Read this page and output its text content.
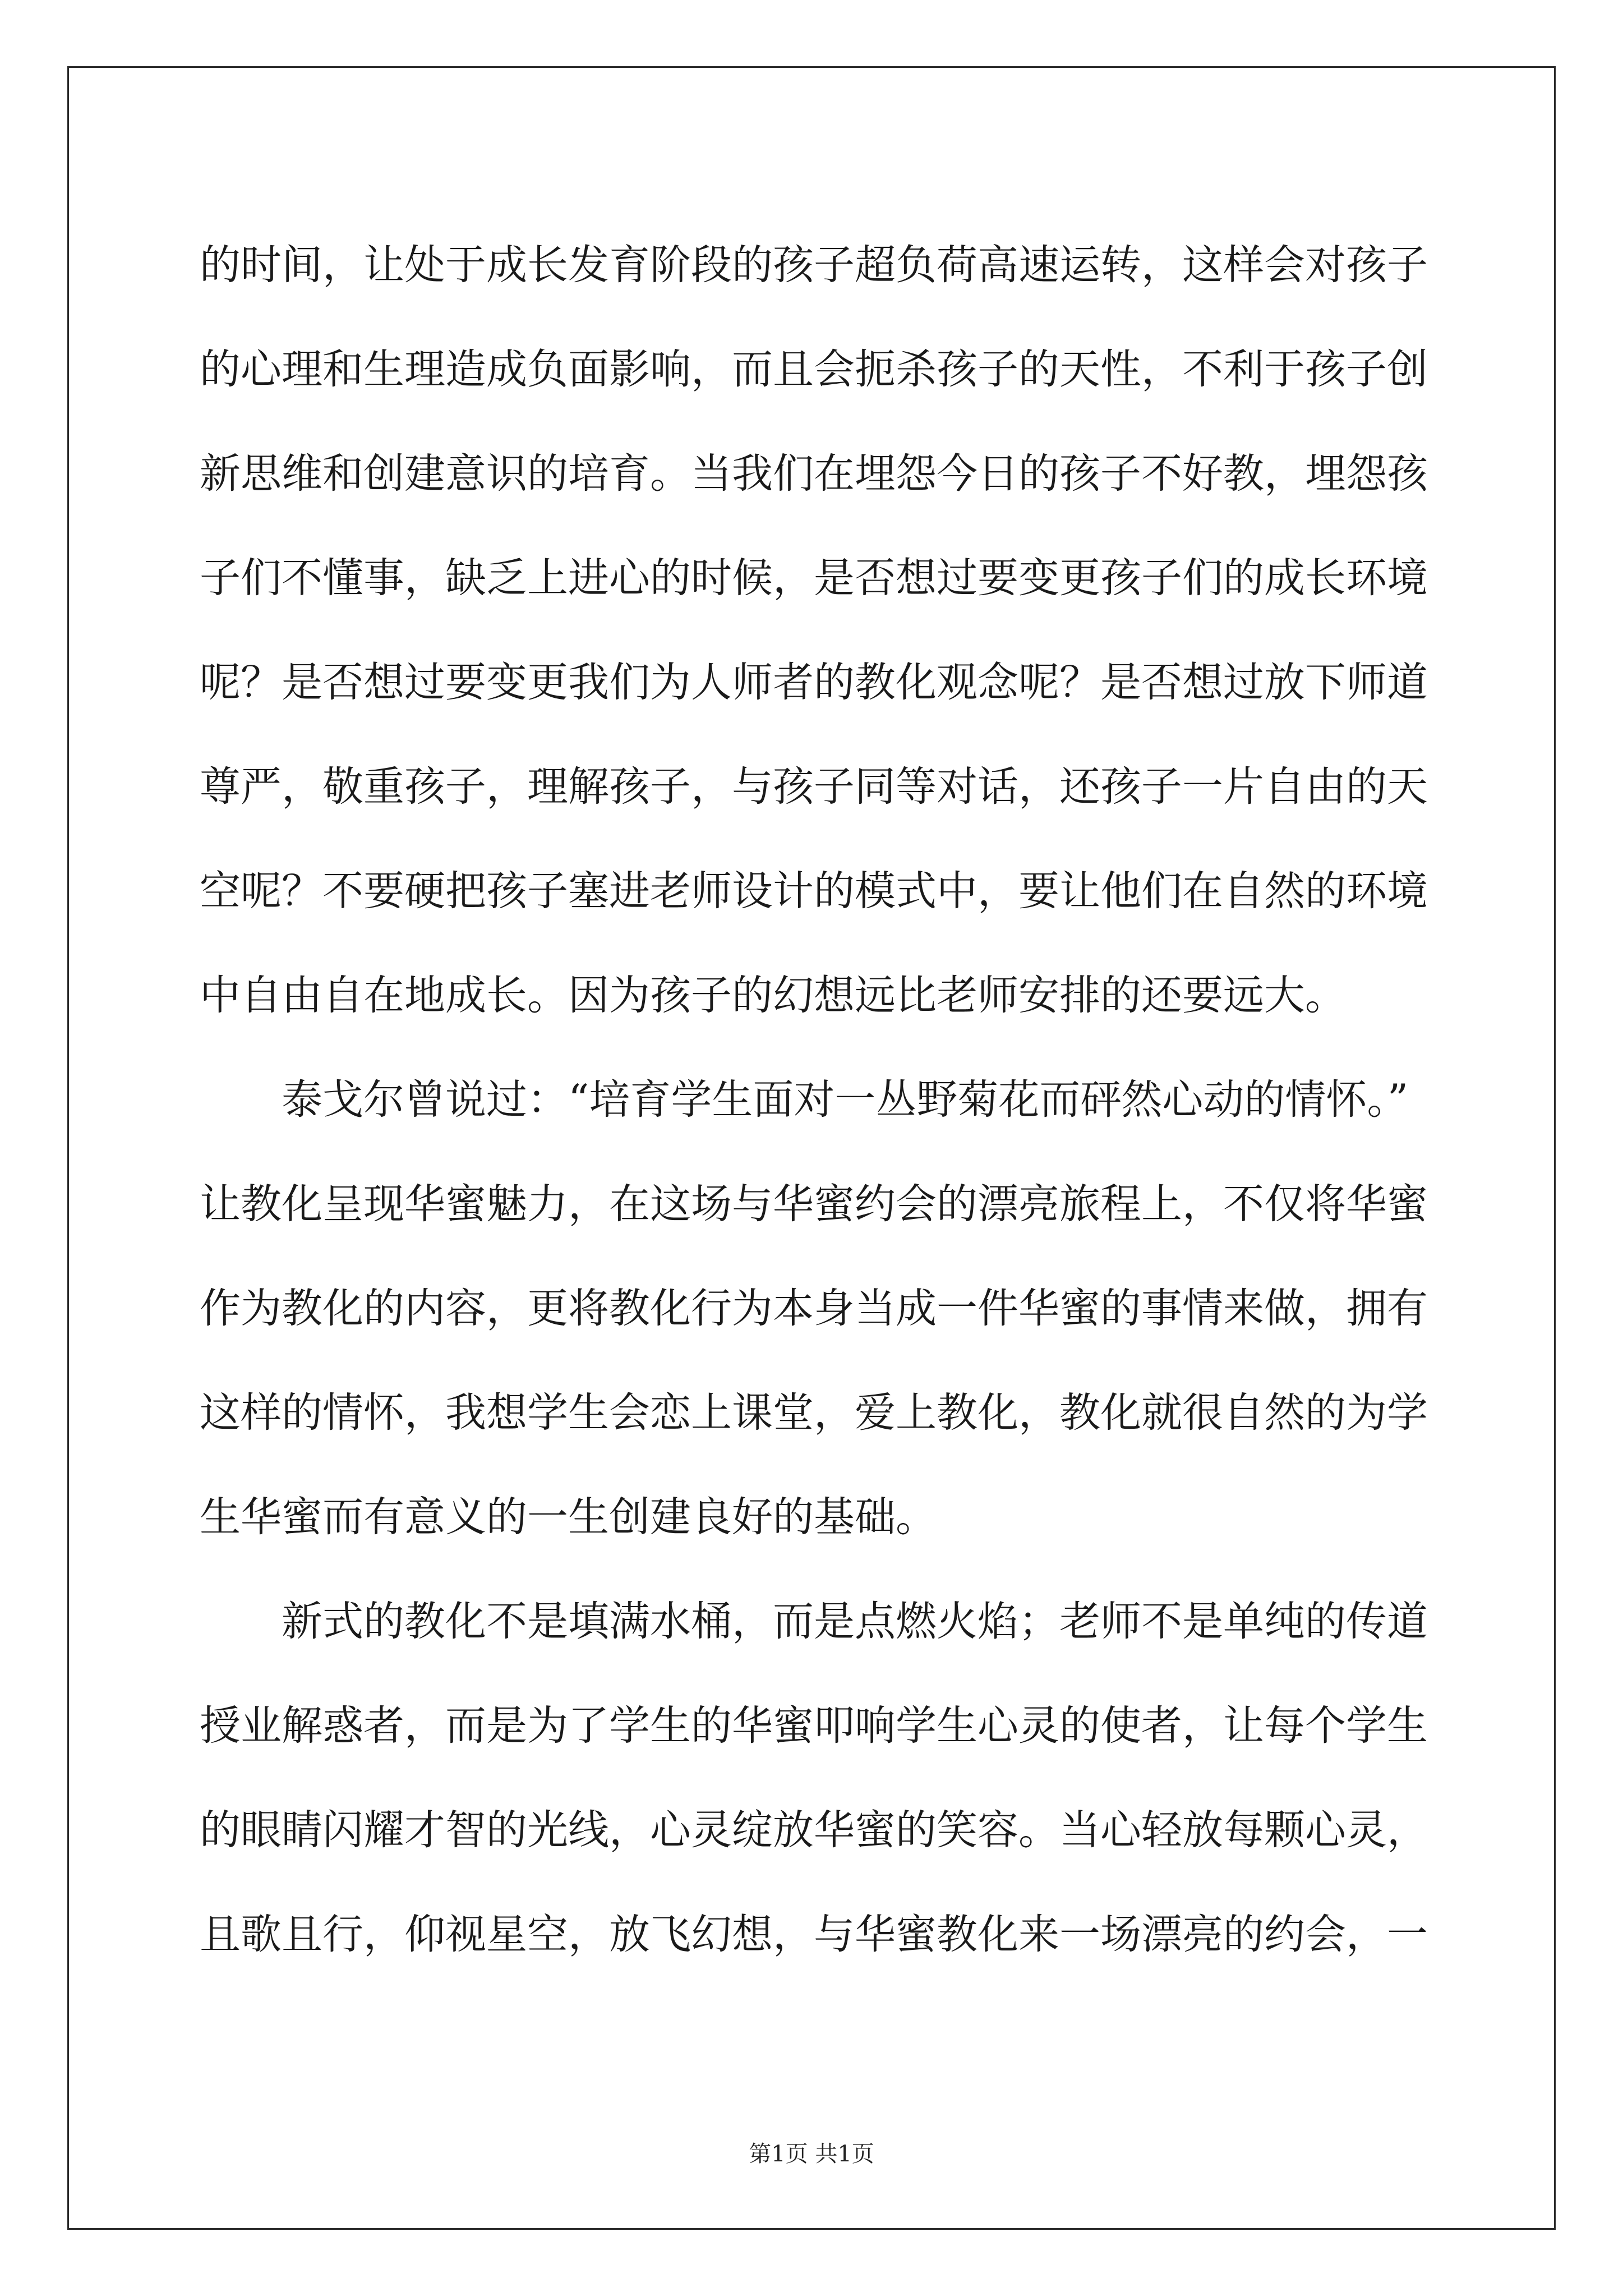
的时间，让处于成长发育阶段的孩子超负荷高速运转，这样会对孩子
的心理和生理造成负面影响，而且会扼杀孩子的天性，不利于孩子创
新思维和创建意识的培育。当我们在埋怨今日的孩子不好教，埋怨孩
子们不懂事，缺乏上进心的时候，是否想过要变更孩子们的成长环境
呢？是否想过要变更我们为人师者的教化观念呢？是否想过放下师道
尊严，敬重孩子，理解孩子，与孩子同等对话，还孩子一片自由的天
空呢？不要硬把孩子塞进老师设计的模式中，要让他们在自然的环境
中自由自在地成长。因为孩子的幻想远比老师安排的还要远大。
泰戈尔曾说过：“培育学生面对一丛野菊花而砰然心动的情怀。”
让教化呈现华蜜魅力，在这场与华蜜约会的漂亮旅程上，不仅将华蜜
作为教化的内容，更将教化行为本身当成一件华蜜的事情来做，拥有
这样的情怀，我想学生会恋上课堂，爱上教化，教化就很自然的为学
生华蜜而有意义的一生创建良好的基础。
新式的教化不是填满水桶，而是点燃火焰；老师不是单纯的传道
授业解惑者，而是为了学生的华蜜叩响学生心灵的使者，让每个学生
的眼睛闪耀才智的光线，心灵绽放华蜜的笑容。当心轻放每颗心灵，
且歌且行，仰视星空，放飞幻想，与华蜜教化来一场漂亮的约会，一
第1页 共1页
